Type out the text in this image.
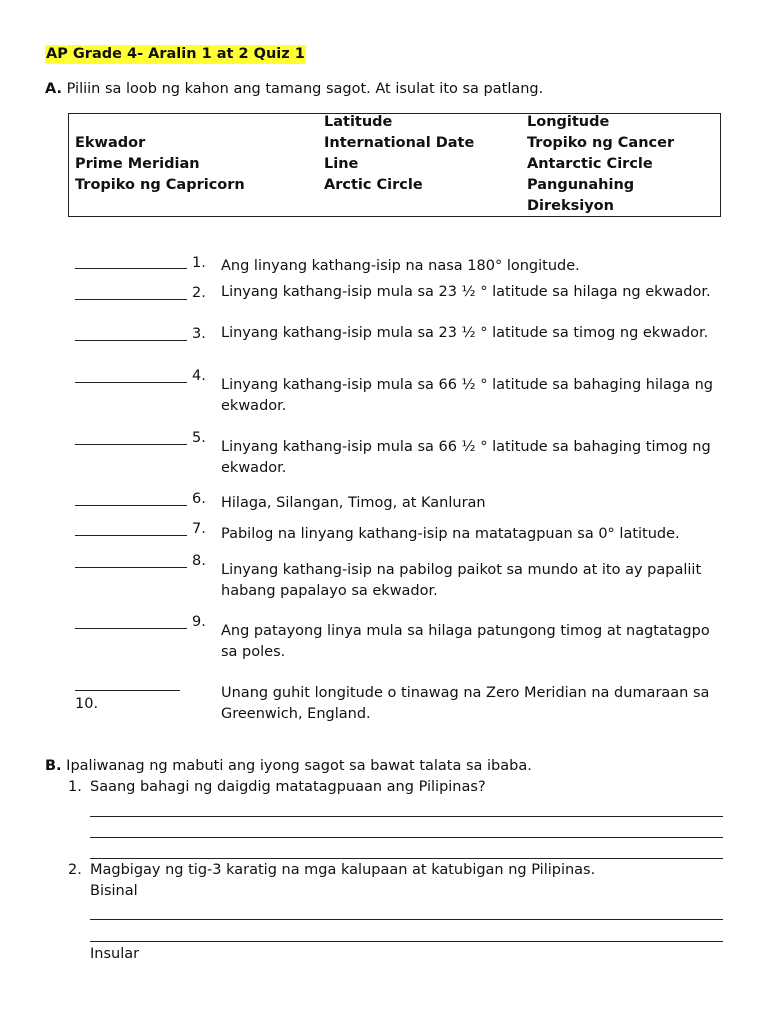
AP Grade 4- Aralin 1 at 2 Quiz 1
A. Piliin sa loob ng kahon ang tamang sagot. At isulat ito sa patlang.
Ekwador
Prime Meridian
Tropiko ng Capricorn
Latitude
International Date
Line
Arctic Circle
Longitude
Tropiko ng Cancer
Antarctic Circle
Pangunahing
Direksiyon
1. Ang linyang kathang-isip na nasa 180° longitude.
2. Linyang kathang-isip mula sa 23 ½ ° latitude sa hilaga ng ekwador.
3. Linyang kathang-isip mula sa 23 ½ ° latitude sa timog ng ekwador.
4.
Linyang kathang-isip mula sa 66 ½ ° latitude sa bahaging hilaga ng ekwador.
5.
Linyang kathang-isip mula sa 66 ½ ° latitude sa bahaging timog ng ekwador.
6. Hilaga, Silangan, Timog, at Kanluran
7. Pabilog na linyang kathang-isip na matatagpuan sa 0° latitude.
8.
Linyang kathang-isip na pabilog paikot sa mundo at ito ay papaliit habang papalayo sa ekwador.
9.
Ang patayong linya mula sa hilaga patungong timog at nagtatagpo sa poles.
10.
Unang guhit longitude o tinawag na Zero Meridian na dumaraan sa Greenwich, England.
B. Ipaliwanag ng mabuti ang iyong sagot sa bawat talata sa ibaba.
1. Saang bahagi ng daigdig matatagpuaan ang Pilipinas?
2. Magbigay ng tig-3 karatig na mga kalupaan at katubigan ng Pilipinas.
Bisinal
Insular
